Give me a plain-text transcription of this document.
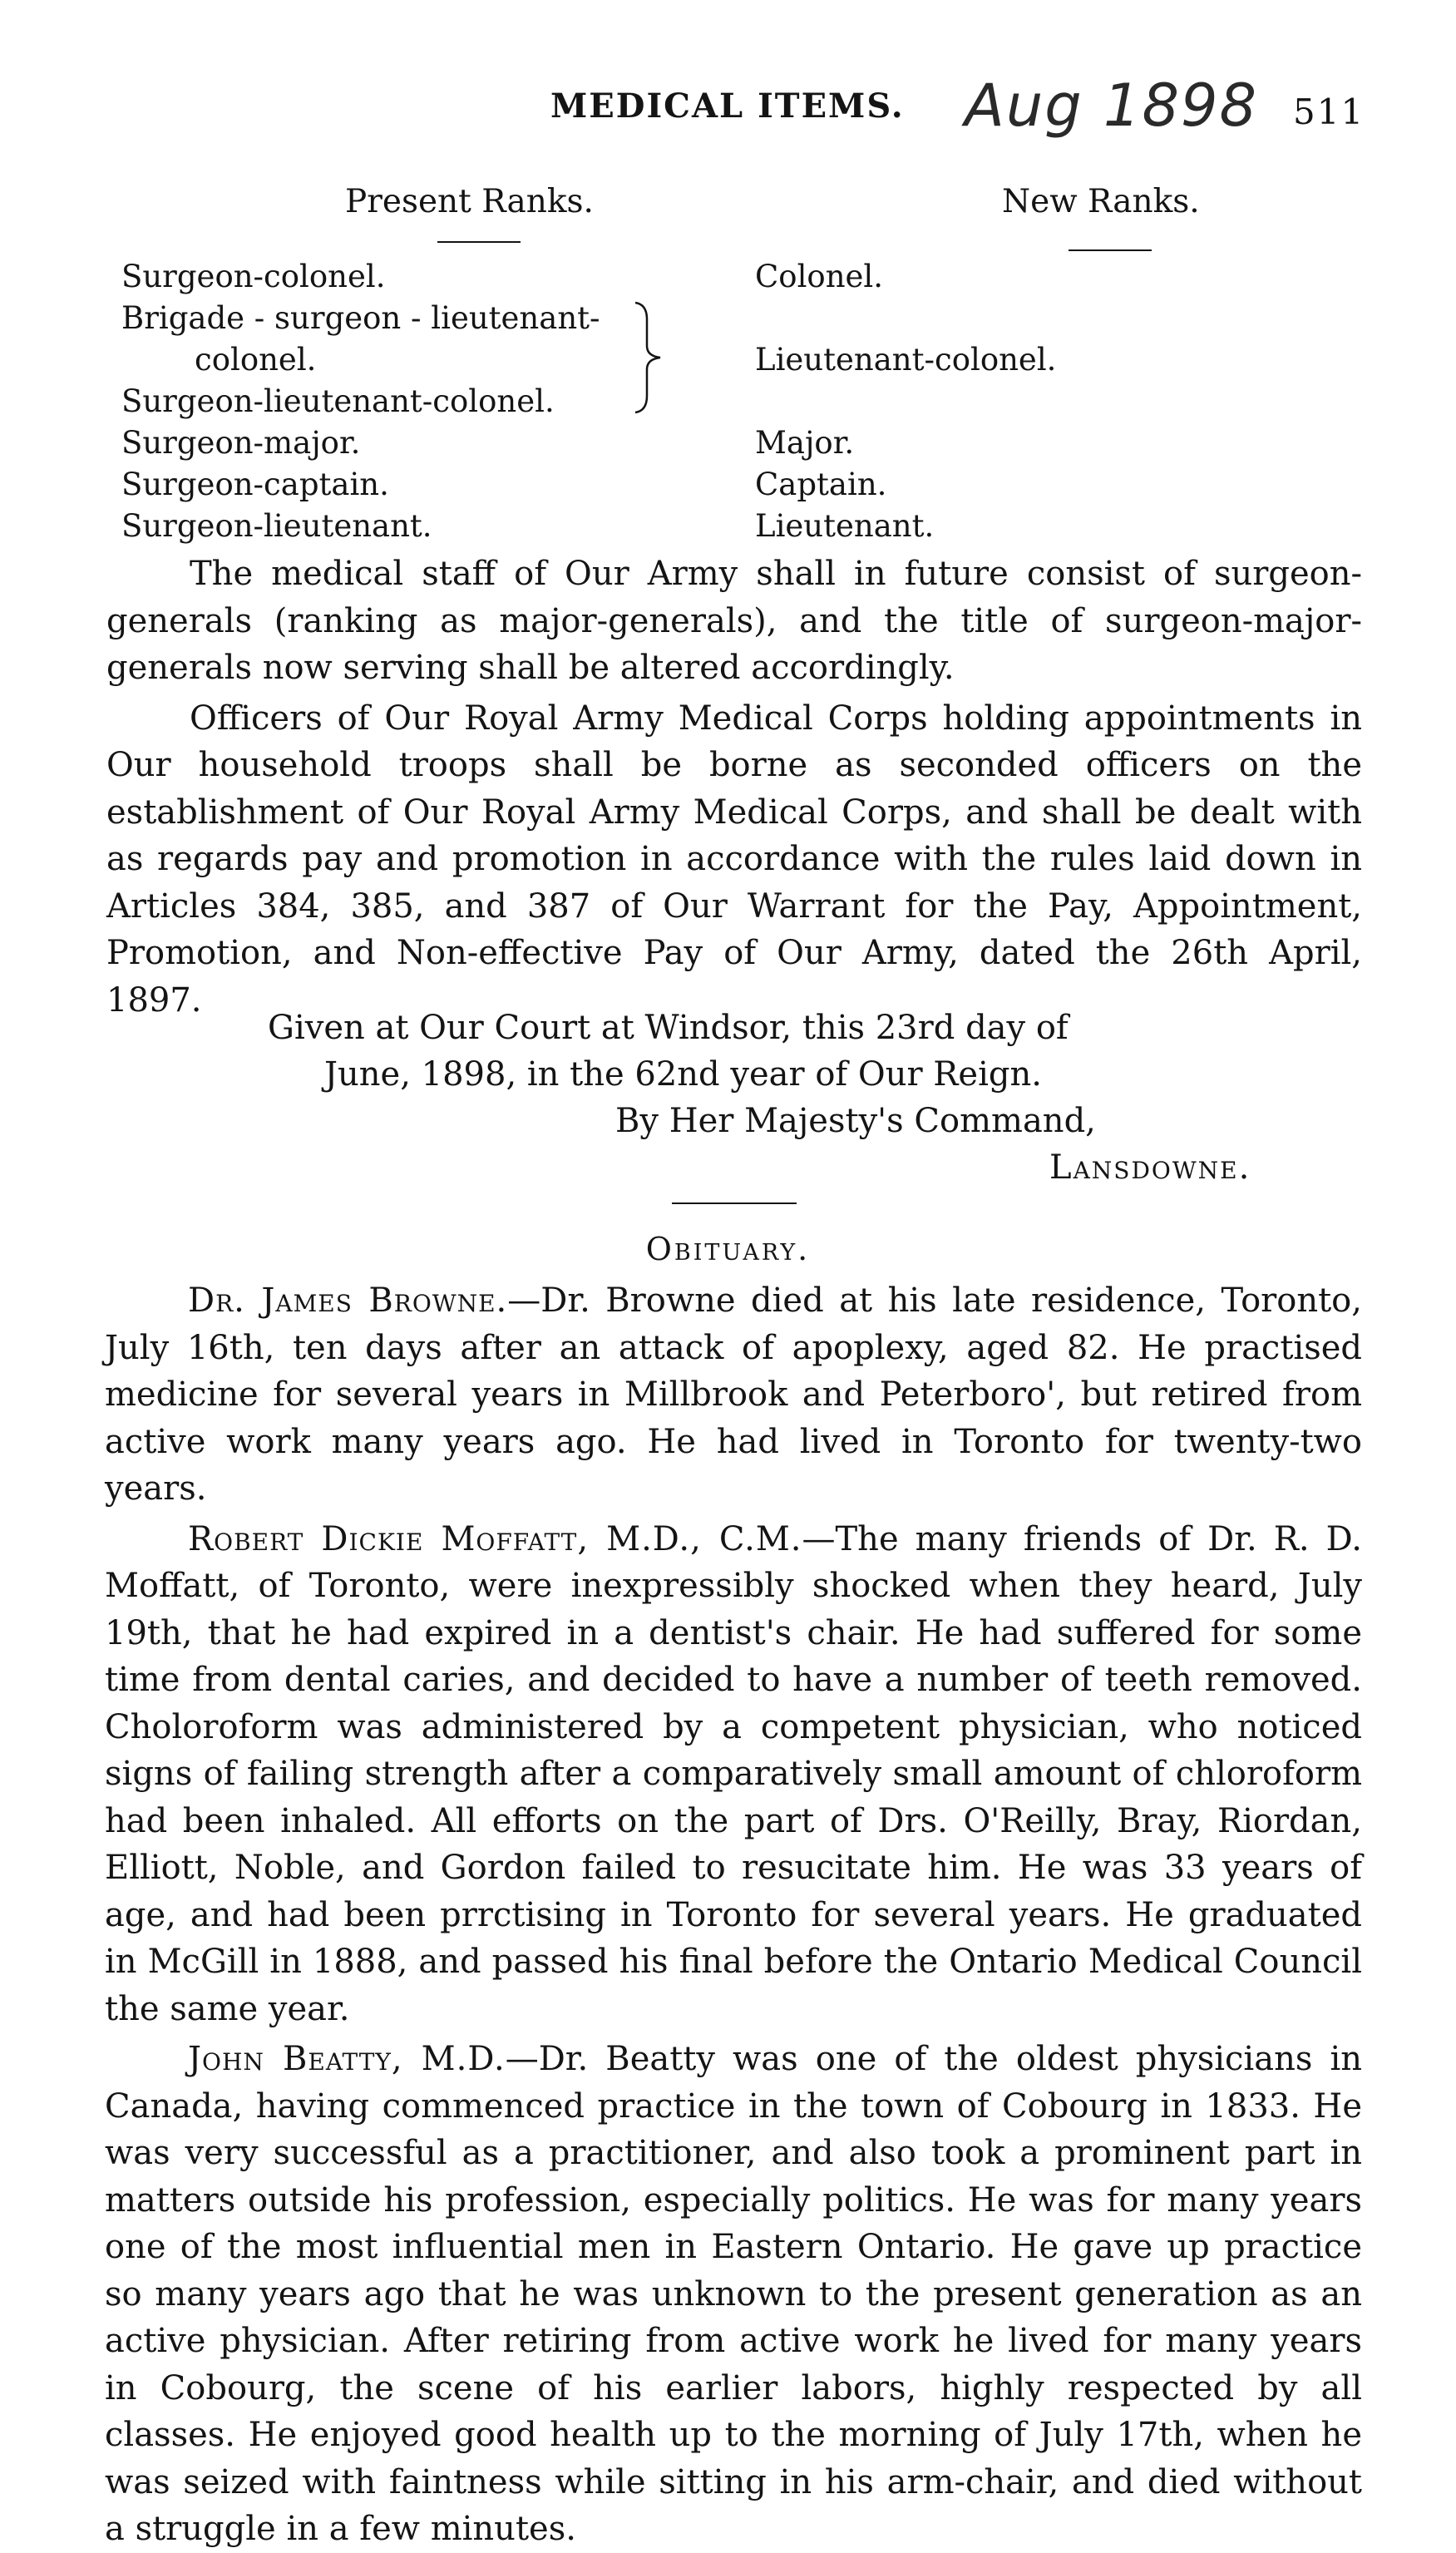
MEDICAL ITEMS. Aug 1898 511
Present Ranks.	New Ranks.
Surgeon-colonel.	Colonel.
Brigade - surgeon - lieutenant-
colonel.	Lieutenant-colonel.
Surgeon-lieutenant-colonel.
Surgeon-major.	Major.
Surgeon-captain.	Captain.
Surgeon-lieutenant.	Lieutenant.

The medical staff of Our Army shall in future consist of surgeon-generals (ranking as major-generals), and the title of surgeon-major-generals now serving shall be altered accordingly.

Officers of Our Royal Army Medical Corps holding appointments in Our household troops shall be borne as seconded officers on the establishment of Our Royal Army Medical Corps, and shall be dealt with as regards pay and promotion in accordance with the rules laid down in Articles 384, 385, and 387 of Our Warrant for the Pay, Appointment, Promotion, and Non-effective Pay of Our Army, dated the 26th April, 1897.

Given at Our Court at Windsor, this 23rd day of
June, 1898, in the 62nd year of Our Reign.
By Her Majesty's Command,
Lansdowne.
Obituary.

Dr. James Browne.—Dr. Browne died at his late residence, Toronto, July 16th, ten days after an attack of apoplexy, aged 82. He practised medicine for several years in Millbrook and Peterboro', but retired from active work many years ago. He had lived in Toronto for twenty-two years.

Robert Dickie Moffatt, M.D., C.M.—The many friends of Dr. R. D. Moffatt, of Toronto, were inexpressibly shocked when they heard, July 19th, that he had expired in a dentist's chair. He had suffered for some time from dental caries, and decided to have a number of teeth removed. Choloroform was administered by a competent physician, who noticed signs of failing strength after a comparatively small amount of chloroform had been inhaled. All efforts on the part of Drs. O'Reilly, Bray, Riordan, Elliott, Noble, and Gordon failed to resucitate him. He was 33 years of age, and had been prrctising in Toronto for several years. He graduated in McGill in 1888, and passed his final before the Ontario Medical Council the same year.

John Beatty, M.D.—Dr. Beatty was one of the oldest physicians in Canada, having commenced practice in the town of Cobourg in 1833. He was very successful as a practitioner, and also took a prominent part in matters outside his profession, especially politics. He was for many years one of the most influential men in Eastern Ontario. He gave up practice so many years ago that he was unknown to the present generation as an active physician. After retiring from active work he lived for many years in Cobourg, the scene of his earlier labors, highly respected by all classes. He enjoyed good health up to the morning of July 17th, when he was seized with faintness while sitting in his arm-chair, and died without a struggle in a few minutes.
